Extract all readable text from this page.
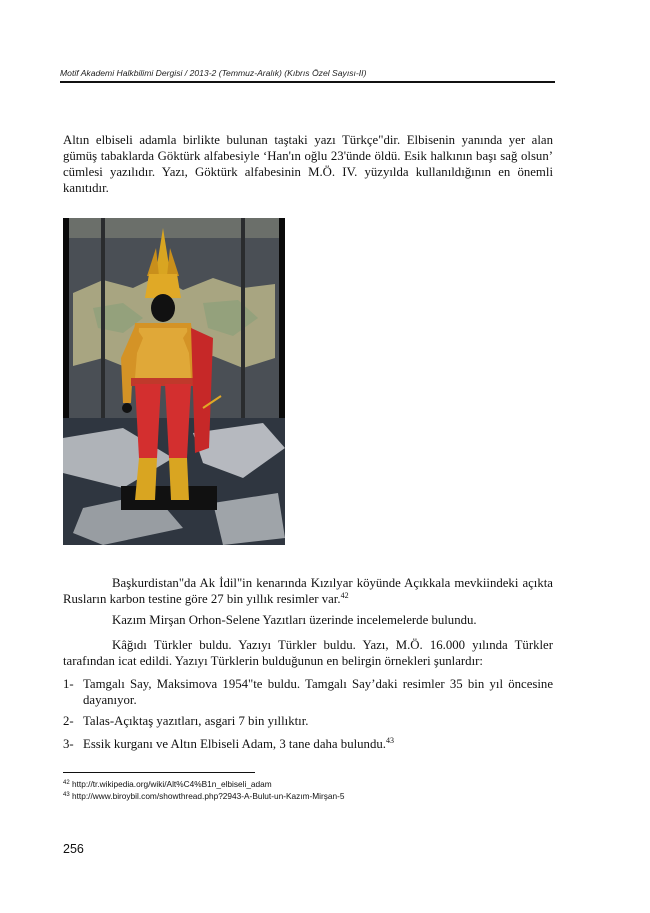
Motif Akademi Halkbilimi Dergisi / 2013-2 (Temmuz-Aralık) (Kıbrıs Özel Sayısı-II)

Altın elbiseli adamla birlikte bulunan taştaki yazı Türkçe"dir. Elbisenin yanında yer alan gümüş tabaklarda Göktürk alfabesiyle ‘Han'ın oğlu 23'ünde öldü. Esik halkının başı sağ olsun’ cümlesi yazılıdır. Yazı, Göktürk alfabesinin M.Ö. IV. yüzyılda kullanıldığının en önemli kanıtıdır.

Başkurdistan"da Ak İdil"in kenarında Kızılyar köyünde Açıkkala mevkiindeki açıkta Rusların karbon testine göre 27 bin yıllık resimler var.$^{42}$

Kazım Mirşan Orhon-Selene Yazıtları üzerinde incelemelerde bulundu.

Kâğıdı Türkler buldu. Yazıyı Türkler buldu. Yazı, M.Ö. 16.000 yılında Türkler tarafından icat edildi. Yazıyı Türklerin bulduğunun en belirgin örnekleri şunlardır:

1- Tamgalı Say, Maksimova 1954"te buldu. Tamgalı Say’daki resimler 35 bin yıl öncesine dayanıyor.
2- Talas-Açıktaş yazıtları, asgari 7 bin yıllıktır.
3- Essik kurganı ve Altın Elbiseli Adam, 3 tane daha bulundu.$^{43}$
$^{42}$ http://tr.wikipedia.org/wiki/Alt%C4%B1n_elbiseli_adam
$^{43}$ http://www.biroybil.com/showthread.php?2943-A-Bulut-un-Kazım-Mirşan-5
256
